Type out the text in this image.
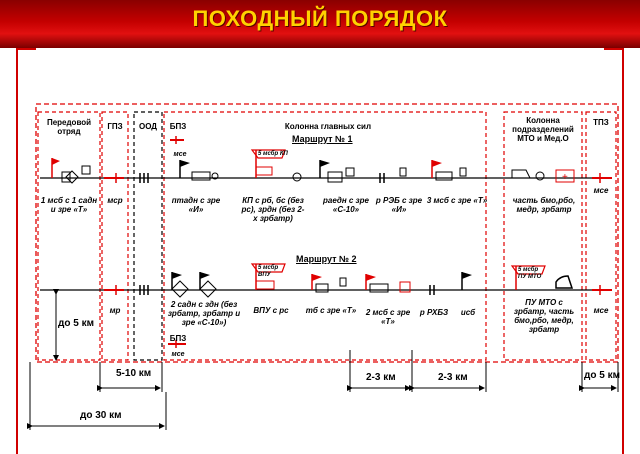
ПОХОДНЫЙ ПОРЯДОК
+
Передовой отряд
ГПЗ	ООД	БПЗ	Колонна главных сил
Колонна подразделений МТО и Мед.О
ТПЗ
Маршрут № 1
Маршрут № 2
мсе
1 мсб с 1 садн и зрe «Т»
мср	птадн с зрe «И»
5 мсбр КП
КП с рб, бс (без рс), зрдн (без 2-х зрбатр)
раедн с зрe «С-10»
р РЭБ с зрe «И»
3 мсб с зрe «Т»	часть бмо,рбо, медр, зрбатр
мсе
мр
2 садн с здн (без зрбатр, зрбатр и зрe «С-10»)
5 мсбр ВПУ
ВПУ с рс	тб с зрe «Т»	2 мсб с зрe «Т»
р РХБЗ	исб
5 мсбр ПУ МТО
ПУ МТО с зрбатр, часть бмо,рбо, медр, зрбатр
мсе
БПЗ
мсе
до 5 км
5-10 км	2-3 км	2-3 км	до 5 км
до 30 км
